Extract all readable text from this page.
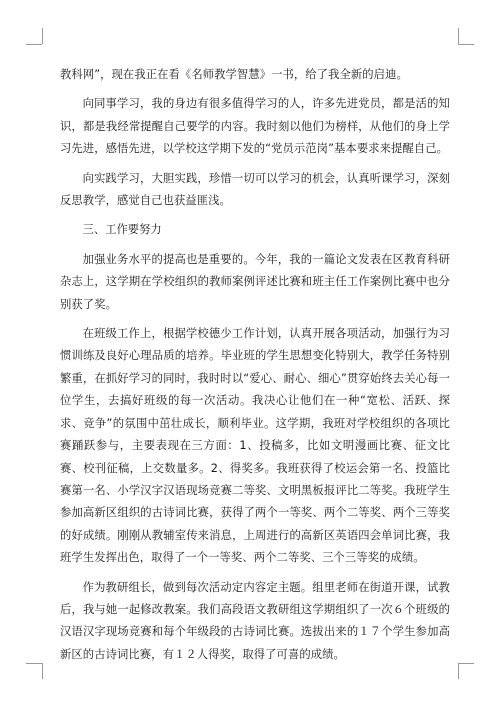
教科网”，现在我正在看《名师教学智慧》一书，给了我全新的启迪。

向同事学习，我的身边有很多值得学习的人，许多先进党员，都是活的知识，都是我经常提醒自己要学的内容。我时刻以他们为榜样，从他们的身上学习先进，感悟先进，以学校这学期下发的“党员示范岗”基本要求来提醒自己。

向实践学习，大胆实践，珍惜一切可以学习的机会，认真听课学习，深刻反思教学，感觉自己也获益匪浅。

三、工作要努力

加强业务水平的提高也是重要的。今年，我的一篇论文发表在区教育科研杂志上，这学期在学校组织的教师案例评述比赛和班主任工作案例比赛中也分别获了奖。

在班级工作上，根据学校德少工作计划，认真开展各项活动，加强行为习惯训练及良好心理品质的培养。毕业班的学生思想变化特别大，教学任务特别繁重，在抓好学习的同时，我时时以“爱心、耐心、细心”贯穿始终去关心每一位学生，去搞好班级的每一次活动。我决心让他们在一种“宽松、活跃、探求、竞争”的氛围中茁壮成长，顺利毕业。这学期，我班对学校组织的各项比赛踊跃参与，主要表现在三方面：1、投稿多，比如文明漫画比赛、征文比赛、校刊征稿，上交数量多。2、得奖多。我班获得了校运会第一名、投篮比赛第一名、小学汉字汉语现场竞赛二等奖、文明黑板报评比二等奖。我班学生参加高新区组织的古诗词比赛，获得了两个一等奖、两个二等奖、两个三等奖的好成绩。刚刚从教辅室传来消息，上周进行的高新区英语四会单词比赛，我班学生发挥出色，取得了一个一等奖、两个二等奖、三个三等奖的成绩。

作为教研组长，做到每次活动定内容定主题。组里老师在街道开课，试教后，我与她一起修改教案。我们高段语文教研组这学期组织了一次６个班级的汉语汉字现场竞赛和每个年级段的古诗词比赛。选拔出来的１７个学生参加高新区的古诗词比赛，有１２人得奖，取得了可喜的成绩。
